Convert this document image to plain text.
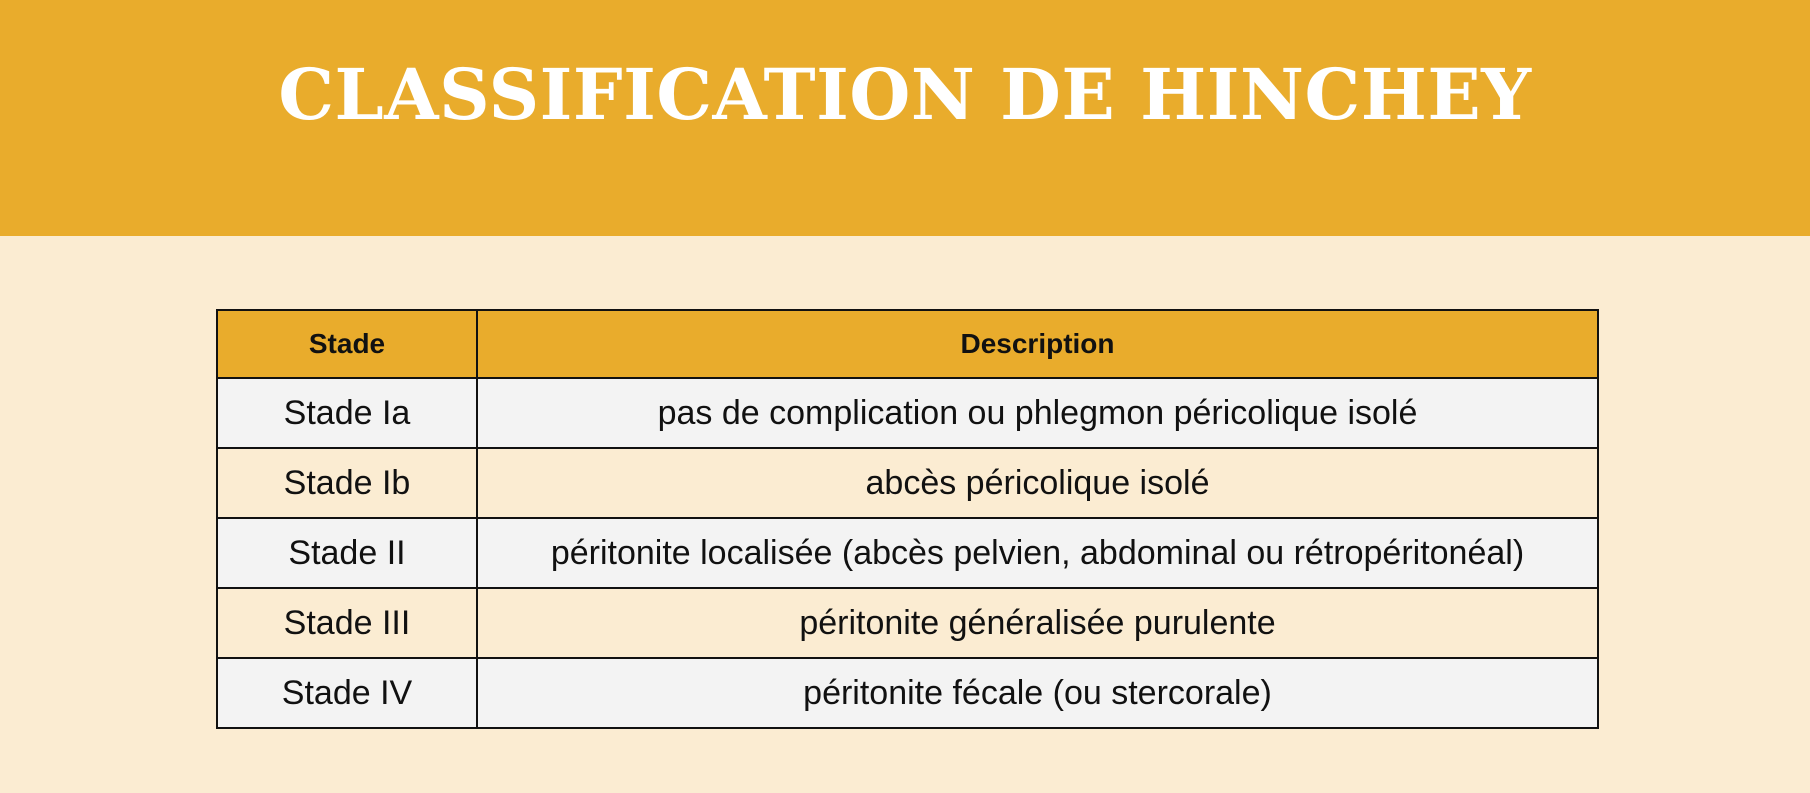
CLASSIFICATION DE HINCHEY
Stade	Description
Stade Ia	pas de complication ou phlegmon péricolique isolé
Stade Ib	abcès péricolique isolé
Stade II	péritonite localisée (abcès pelvien, abdominal ou rétropéritonéal)
Stade III	péritonite généralisée purulente
Stade IV	péritonite fécale (ou stercorale)
